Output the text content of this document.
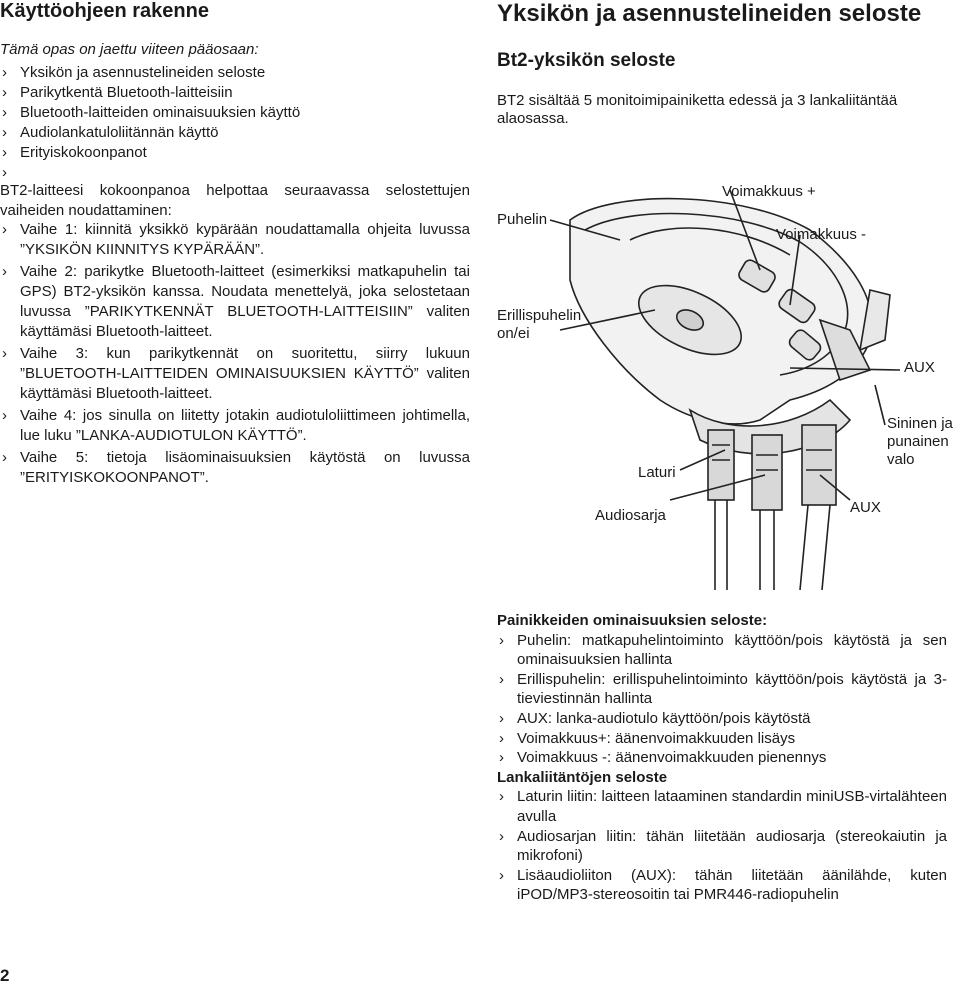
Käyttöohjeen rakenne

Tämä opas on jaettu viiteen pääosaan:

› Yksikön ja asennustelineiden seloste
› Parikytkentä Bluetooth-laitteisiin
› Bluetooth-laitteiden ominaisuuksien käyttö
› Audiolankatuloliitännän käyttö
› Erityiskokoonpanot
›

BT2-laitteesi kokoonpanoa helpottaa seuraavassa selostettujen vaiheiden noudattaminen:

› Vaihe 1: kiinnitä yksikkö kypärään noudattamalla ohjeita luvussa ”YKSIKÖN KIINNITYS KYPÄRÄÄN”.
› Vaihe 2: parikytke Bluetooth-laitteet (esimerkiksi matkapuhelin tai GPS) BT2-yksikön kanssa. Noudata menettelyä, joka selostetaan luvussa ”PARIKYTKENNÄT BLUETOOTH-LAITTEISIIN” valiten käyttämäsi Bluetooth-laitteet.
› Vaihe 3: kun parikytkennät on suoritettu, siirry lukuun ”BLUETOOTH-LAITTEIDEN OMINAISUUKSIEN KÄYTTÖ” valiten käyttämäsi Bluetooth-laitteet.
› Vaihe 4: jos sinulla on liitetty jotakin audiotuloliittimeen johtimella, lue luku ”LANKA-AUDIOTULON KÄYTTÖ”.
› Vaihe 5: tietoja lisäominaisuuksien käytöstä on luvussa ”ERITYISKOKOONPANOT”.
Yksikön ja asennustelineiden seloste
Bt2-yksikön seloste

BT2 sisältää 5 monitoimipainiketta edessä ja 3 lankaliitäntää alaosassa.

Puhelin
Voimakkuus +
Voimakkuus -
Erillispuhelin
on/ei
AUX
Sininen ja
punainen
valo
Laturi
Audiosarja	AUX
Painikkeiden ominaisuuksien seloste:
› Puhelin: matkapuhelintoiminto käyttöön/pois käytöstä ja sen ominaisuuksien hallinta
› Erillispuhelin: erillispuhelintoiminto käyttöön/pois käytöstä ja 3-tieviestinnän hallinta
› AUX: lanka-audiotulo käyttöön/pois käytöstä
› Voimakkuus+: äänenvoimakkuuden lisäys
› Voimakkuus -: äänenvoimakkuuden pienennys
Lankaliitäntöjen seloste
› Laturin liitin: laitteen lataaminen standardin miniUSB-virtalähteen avulla
› Audiosarjan liitin: tähän liitetään audiosarja (stereokaiutin ja mikrofoni)
› Lisäaudioliiton (AUX): tähän liitetään äänilähde, kuten iPOD/MP3-stereosoitin tai PMR446-radiopuhelin
2
